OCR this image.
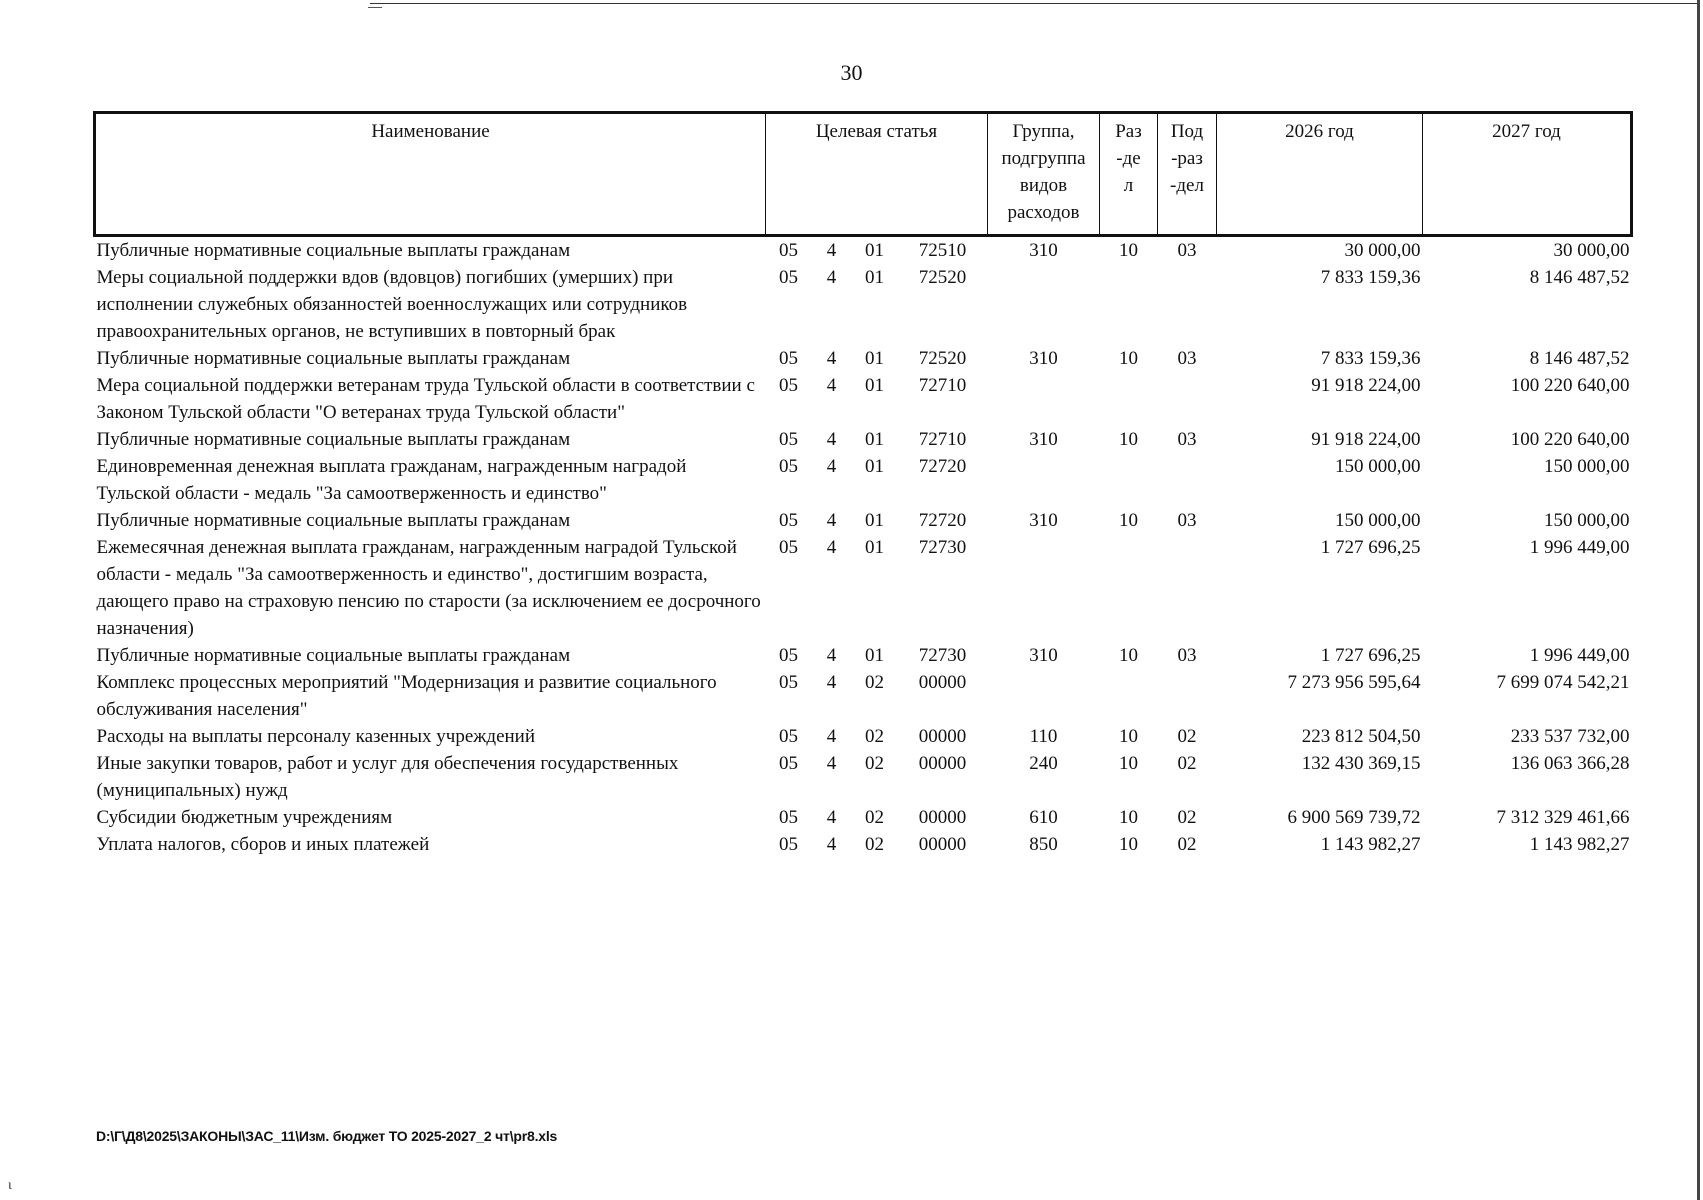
30
Наименование	Целевая статья				Группа, подгруппа видов расходов	Раз-дел	Под-раз-дел	2026 год	2027 год
Публичные нормативные социальные выплаты гражданам	05	4	01	72510	310	10	03	30 000,00	30 000,00
Меры социальной поддержки вдов (вдовцов) погибших (умерших) при исполнении служебных обязанностей военнослужащих или сотрудников правоохранительных органов, не вступивших в повторный брак	05	4	01	72520				7 833 159,36	8 146 487,52
Публичные нормативные социальные выплаты гражданам	05	4	01	72520	310	10	03	7 833 159,36	8 146 487,52
Мера социальной поддержки ветеранам труда Тульской области в соответствии с Законом Тульской области "О ветеранах труда Тульской области"	05	4	01	72710				91 918 224,00	100 220 640,00
Публичные нормативные социальные выплаты гражданам	05	4	01	72710	310	10	03	91 918 224,00	100 220 640,00
Единовременная денежная выплата гражданам, награжденным наградой Тульской области - медаль "За самоотверженность и единство"	05	4	01	72720				150 000,00	150 000,00
Публичные нормативные социальные выплаты гражданам	05	4	01	72720	310	10	03	150 000,00	150 000,00
Ежемесячная денежная выплата гражданам, награжденным наградой Тульской области - медаль "За самоотверженность и единство", достигшим возраста, дающего право на страховую пенсию по старости (за исключением ее досрочного назначения)	05	4	01	72730				1 727 696,25	1 996 449,00
Публичные нормативные социальные выплаты гражданам	05	4	01	72730	310	10	03	1 727 696,25	1 996 449,00
Комплекс процессных мероприятий "Модернизация и развитие социального обслуживания населения"	05	4	02	00000				7 273 956 595,64	7 699 074 542,21
Расходы на выплаты персоналу казенных учреждений	05	4	02	00000	110	10	02	223 812 504,50	233 537 732,00
Иные закупки товаров, работ и услуг для обеспечения государственных (муниципальных) нужд	05	4	02	00000	240	10	02	132 430 369,15	136 063 366,28
Субсидии бюджетным учреждениям	05	4	02	00000	610	10	02	6 900 569 739,72	7 312 329 461,66
Уплата налогов, сборов и иных платежей	05	4	02	00000	850	10	02	1 143 982,27	1 143 982,27
D:\Г\Д8\2025\ЗАКОНЫ\ЗАС_11\Изм. бюджет ТО 2025-2027_2 чт\pr8.xls
ι
